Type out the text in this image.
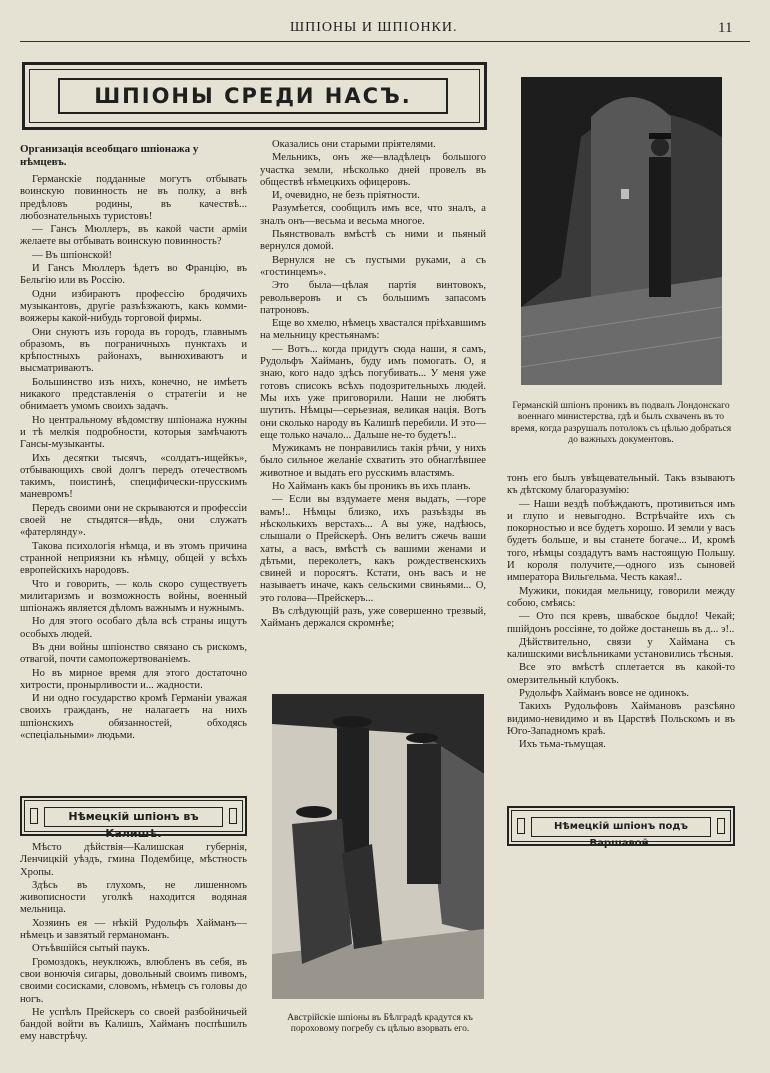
ШПІОНЫ И ШПІОНКИ.	11
ШПІОНЫ СРЕДИ НАСЪ.
Германскій шпіонъ проникъ въ подвалъ Лондонскаго военнаго министерства, гдѣ и былъ схваченъ въ то время, когда разрушалъ потолокъ съ цѣлью добраться до важныхъ документовъ.

Организація всеобщаго шпіонажа у нѣмцевъ.

Германскіе подданные могутъ отбывать воинскую повинность не въ полку, а внѣ предѣловъ родины, въ качествѣ... любознательныхъ туристовъ!

— Гансъ Мюллеръ, въ какой части арміи желаете вы отбывать воинскую повинность?

— Въ шпіонской!

И Гансъ Мюллеръ ѣдетъ во Францію, въ Бельгію или въ Россію.

Одни избираютъ профессію бродячихъ музыкантовъ, другіе разъѣзжаютъ, какъ комми-вояжеры какой-нибудь торговой фирмы.

Они снуютъ изъ города въ городъ, главнымъ образомъ, въ пограничныхъ пунктахъ и крѣпостныхъ районахъ, вынюхиваютъ и высматриваютъ.

Большинство изъ нихъ, конечно, не имѣетъ никакого представленія о стратегіи и не обнимаетъ умомъ своихъ задачъ.

Но центральному вѣдомству шпіонажа нужны и тѣ мелкія подробности, которыя замѣчаютъ Гансы-музыканты.

Ихъ десятки тысячъ, «солдатъ-ищейкъ», отбывающихъ свой долгъ передъ отечествомъ такимъ, поистинѣ, специфически-прусскимъ маневромъ!

Передъ своими они не скрываются и профессіи своей не стыдятся—вѣдь, они служатъ «фатерлянду».

Такова психологія нѣмца, и въ этомъ причина странной неприязни къ нѣмцу, общей у всѣхъ европейскихъ народовъ.

Что и говорить, — коль скоро существуетъ милитаризмъ и возможность войны, военный шпіонажъ является дѣломъ важнымъ и нужнымъ.

Но для этого особаго дѣла всѣ страны ищутъ особыхъ людей.

Въ дни войны шпіонство связано съ рискомъ, отвагой, почти самопожертвованіемъ.

Но въ мирное время для этого достаточно хитрости, пронырливости и... жадности.

И ни одно государство кромѣ Германіи уважая своихъ гражданъ, не налагаетъ на нихъ шпіонскихъ обязанностей, обходясь «спеціальными» людьми.

Нѣмецкій шпіонъ въ Калишѣ.

Мѣсто дѣйствія—Калишская губернія, Ленчицкій уѣздъ, гмина Подембице, мѣстность Хропы.

Здѣсь въ глухомъ, не лишенномъ живописности уголкѣ находится водяная мельница.

Хозяинъ ея — нѣкій Рудольфъ Хайманъ—нѣмецъ и завзятый германоманъ.

Отъѣвшійся сытый паукъ.

Громоздокъ, неуклюжъ, влюбленъ въ себя, въ свои вонючія сигары, довольный своимъ пивомъ, своими сосисками, словомъ, нѣмецъ съ головы до ногъ.

Не успѣлъ Прейскеръ со своей разбойничьей бандой войти въ Калишъ, Хайманъ поспѣшилъ ему навстрѣчу.

Оказались они старыми пріятелями.

Мельникъ, онъ же—владѣлецъ большого участка земли, нѣсколько дней провелъ въ обществѣ нѣмецкихъ офицеровъ.

И, очевидно, не безъ пріятности.

Разумѣется, сообщилъ имъ все, что зналъ, а зналъ онъ—весьма и весьма многое.

Пьянствовалъ вмѣстѣ съ ними и пьяный вернулся домой.

Вернулся не съ пустыми руками, а съ «гостинцемъ».

Это была—цѣлая партія винтовокъ, револьверовъ и съ большимъ запасомъ патроновъ.

Еще во хмелю, нѣмецъ хвастался пріѣхавшимъ на мельницу крестьянамъ:

— Вотъ... когда придутъ сюда наши, я самъ, Рудольфъ Хайманъ, буду имъ помогать. О, я знаю, кого надо здѣсь погубивать... У меня уже готовъ списокъ всѣхъ подозрительныхъ людей. Мы ихъ уже приговорили. Наши не любятъ шутить. Нѣмцы—серьезная, великая нація. Вотъ они сколько народу въ Калишѣ перебили. И это—еще только начало... Дальше не-то будетъ!..

Мужикамъ не понравились такія рѣчи, у нихъ было сильное желаніе схватить это обнаглѣвшее животное и выдать его русскимъ властямъ.

Но Хайманъ какъ бы проникъ въ ихъ планъ.

— Если вы вздумаете меня выдать, —горе вамъ!.. Нѣмцы близко, ихъ разъѣзды въ нѣсколькихъ верстахъ... А вы уже, надѣюсь, слышали о Прейскерѣ. Онъ велитъ сжечь ваши хаты, а васъ, вмѣстѣ съ вашими женами и дѣтьми, переколетъ, какъ рождественскихъ свиней и поросятъ. Кстати, онъ васъ и не называетъ иначе, какъ сельскими свиньями... О, это голова—Прейскеръ...

Въ слѣдующій разъ, уже совершенно трезвый, Хайманъ держался скромнѣе;

Австрійскіе шпіоны въ Бѣлградѣ крадутся къ пороховому погребу съ цѣлью взорвать его.

тонъ его былъ увѣщевательный. Такъ взываютъ къ дѣтскому благоразумію:

— Наши вездѣ побѣждаютъ, противиться имъ и глупо и невыгодно. Встрѣчайте ихъ съ покорностью и все будетъ хорошо. И земли у васъ будетъ больше, и вы станете богаче... И, кромѣ того, нѣмцы создадутъ вамъ настоящую Польшу. И короля получите,—одного изъ сыновей императора Вильгельма. Честь какая!..

Мужики, покидая мельницу, говорили между собою, смѣясь:

— Ото пся кревъ, швабское быдло! Чекай; пшійдонъ россіяне, то дойже достанешь въ д... э!..

Дѣйствительно, связи у Хаймана съ калишскими висѣльниками установились тѣсныя.

Все это вмѣстѣ сплетается въ какой-то омерзительный клубокъ.

Рудольфъ Хайманъ вовсе не одинокъ.

Такихъ Рудольфовъ Хаймановъ разсѣяно видимо-невидимо и въ Царствѣ Польскомъ и въ Юго-Западномъ краѣ.

Ихъ тьма-тьмущая.

Нѣмецкій шпіонъ подъ Варшавой.
